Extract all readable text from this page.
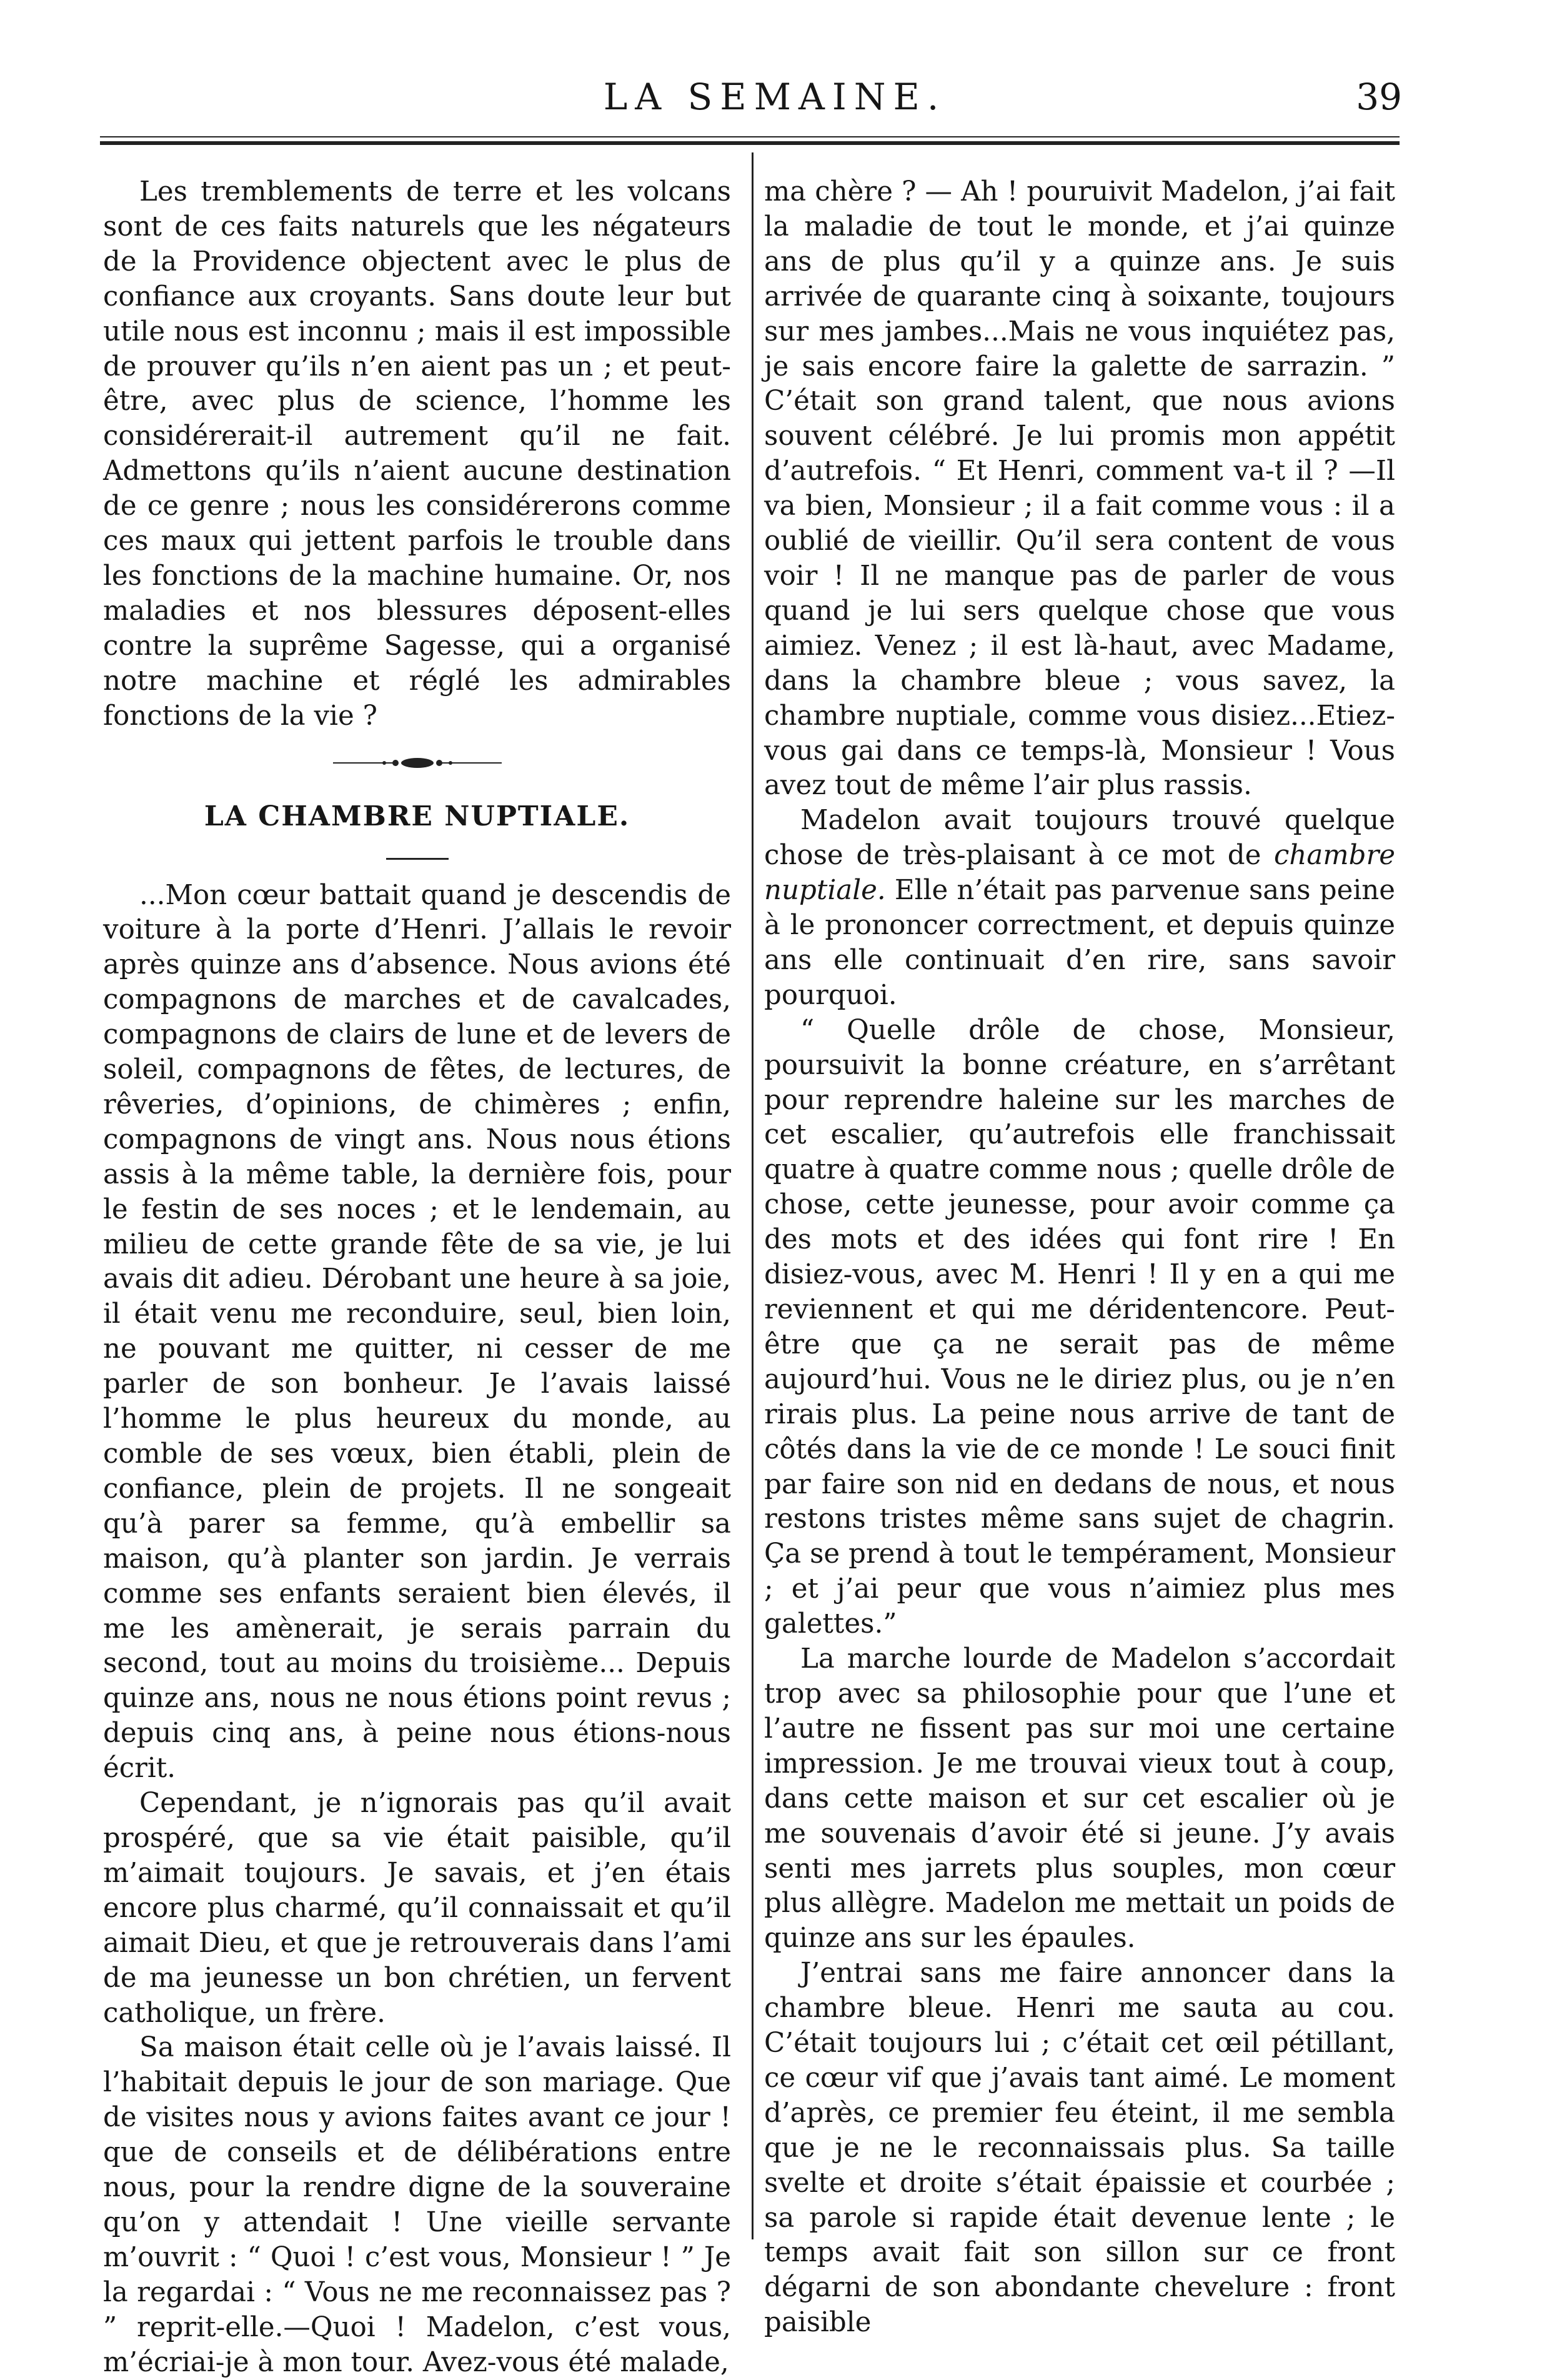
LA SEMAINE.	39

Les tremblements de terre et les volcans sont de ces faits naturels que les négateurs de la Providence objectent avec le plus de confiance aux croyants. Sans doute leur but utile nous est inconnu ; mais il est impossible de prouver qu’ils n’en aient pas un ; et peut-être, avec plus de science, l’homme les considérerait-il autrement qu’il ne fait. Admettons qu’ils n’aient aucune destination de ce genre ; nous les considérerons comme ces maux qui jettent parfois le trouble dans les fonctions de la machine humaine. Or, nos maladies et nos blessures déposent-elles contre la suprême Sagesse, qui a organisé notre machine et réglé les admirables fonctions de la vie ?

LA CHAMBRE NUPTIALE.

...Mon cœur battait quand je descendis de voiture à la porte d’Henri. J’allais le revoir après quinze ans d’absence. Nous avions été compagnons de marches et de cavalcades, compagnons de clairs de lune et de levers de soleil, compagnons de fêtes, de lectures, de rêveries, d’opinions, de chimères ; enfin, compagnons de vingt ans. Nous nous étions assis à la même table, la dernière fois, pour le festin de ses noces ; et le lendemain, au milieu de cette grande fête de sa vie, je lui avais dit adieu. Dérobant une heure à sa joie, il était venu me reconduire, seul, bien loin, ne pouvant me quitter, ni cesser de me parler de son bonheur. Je l’avais laissé l’homme le plus heureux du monde, au comble de ses vœux, bien établi, plein de confiance, plein de projets. Il ne songeait qu’à parer sa femme, qu’à embellir sa maison, qu’à planter son jardin. Je verrais comme ses enfants seraient bien élevés, il me les amènerait, je serais parrain du second, tout au moins du troisième... Depuis quinze ans, nous ne nous étions point revus ; depuis cinq ans, à peine nous étions-nous écrit.

Cependant, je n’ignorais pas qu’il avait prospéré, que sa vie était paisible, qu’il m’aimait toujours. Je savais, et j’en étais encore plus charmé, qu’il connaissait et qu’il aimait Dieu, et que je retrouverais dans l’ami de ma jeunesse un bon chrétien, un fervent catholique, un frère.

Sa maison était celle où je l’avais laissé. Il l’habitait depuis le jour de son mariage. Que de visites nous y avions faites avant ce jour ! que de conseils et de délibérations entre nous, pour la rendre digne de la souveraine qu’on y attendait ! Une vieille servante m’ouvrit : “ Quoi ! c’est vous, Monsieur ! ” Je la regardai : “ Vous ne me reconnaissez pas ? ” reprit-elle.—Quoi ! Madelon, c’est vous, m’écriai-je à mon tour. Avez-vous été malade,

ma chère ? — Ah ! pouruivit Madelon, j’ai fait la maladie de tout le monde, et j’ai quinze ans de plus qu’il y a quinze ans. Je suis arrivée de quarante cinq à soixante, toujours sur mes jambes...Mais ne vous inquiétez pas, je sais encore faire la galette de sarrazin. ” C’était son grand talent, que nous avions souvent célébré. Je lui promis mon appétit d’autrefois. “ Et Henri, comment va-t il ? —Il va bien, Monsieur ; il a fait comme vous : il a oublié de vieillir. Qu’il sera content de vous voir ! Il ne manque pas de parler de vous quand je lui sers quelque chose que vous aimiez. Venez ; il est là-haut, avec Madame, dans la chambre bleue ; vous savez, la chambre nuptiale, comme vous disiez...Etiez-vous gai dans ce temps-là, Monsieur ! Vous avez tout de même l’air plus rassis.

Madelon avait toujours trouvé quelque chose de très-plaisant à ce mot de chambre nuptiale. Elle n’était pas parvenue sans peine à le prononcer correctment, et depuis quinze ans elle continuait d’en rire, sans savoir pourquoi.

“ Quelle drôle de chose, Monsieur, poursuivit la bonne créature, en s’arrêtant pour reprendre haleine sur les marches de cet escalier, qu’autrefois elle franchissait quatre à quatre comme nous ; quelle drôle de chose, cette jeunesse, pour avoir comme ça des mots et des idées qui font rire ! En disiez-vous, avec M. Henri ! Il y en a qui me reviennent et qui me déridentencore. Peut-être que ça ne serait pas de même aujourd’hui. Vous ne le diriez plus, ou je n’en rirais plus. La peine nous arrive de tant de côtés dans la vie de ce monde ! Le souci finit par faire son nid en dedans de nous, et nous restons tristes même sans sujet de chagrin. Ça se prend à tout le tempérament, Monsieur ; et j’ai peur que vous n’aimiez plus mes galettes.”

La marche lourde de Madelon s’accordait trop avec sa philosophie pour que l’une et l’autre ne fissent pas sur moi une certaine impression. Je me trouvai vieux tout à coup, dans cette maison et sur cet escalier où je me souvenais d’avoir été si jeune. J’y avais senti mes jarrets plus souples, mon cœur plus allègre. Madelon me mettait un poids de quinze ans sur les épaules.

J’entrai sans me faire annoncer dans la chambre bleue. Henri me sauta au cou. C’était toujours lui ; c’était cet œil pétillant, ce cœur vif que j’avais tant aimé. Le moment d’après, ce premier feu éteint, il me sembla que je ne le reconnaissais plus. Sa taille svelte et droite s’était épaissie et courbée ; sa parole si rapide était devenue lente ; le temps avait fait son sillon sur ce front dégarni de son abondante chevelure : front paisible
